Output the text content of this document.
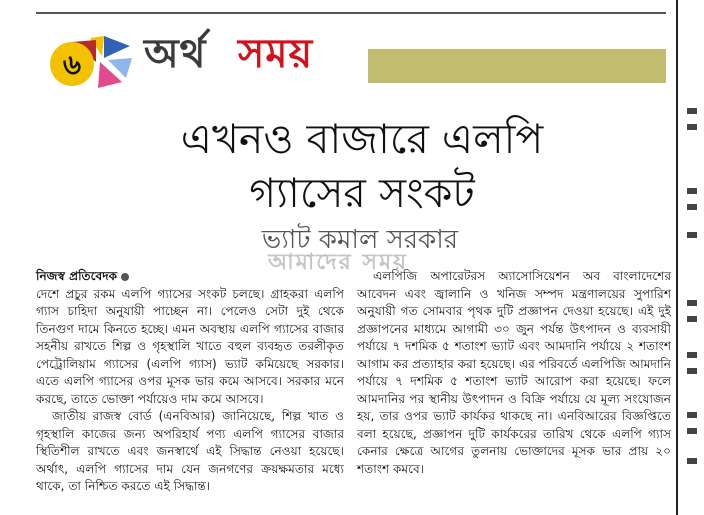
৬ অর্থ সময়
এখনও বাজারে এলপি
গ্যাসের সংকট
ভ্যাট কমাল সরকার
আমাদের সময়

নিজস্ব প্রতিবেদক

দেশে প্রচুর রকম এলপি গ্যাসের সংকট চলছে। গ্রাহকরা এলপি গ্যাস চাহিদা অনুযায়ী পাচ্ছেন না। পেলেও সেটা দুই থেকে তিনগুণ দামে কিনতে হচ্ছে। এমন অবস্থায় এলপি গ্যাসের বাজার সহনীয় রাখতে শিল্প ও গৃহস্থালি খাতে বহুল ব্যবহৃত তরলীকৃত পেট্রোলিয়াম গ্যাসের (এলপি গ্যাস) ভ্যাট কমিয়েছে সরকার। এতে এলপি গ্যাসের ওপর মূসক ভার কমে আসবে। সরকার মনে করছে, তাতে ভোক্তা পর্যায়েও দাম কমে আসবে।

জাতীয় রাজস্ব বোর্ড (এনবিআর) জানিয়েছে, শিল্প খাত ও গৃহস্থালি কাজের জন্য অপরিহার্য পণ্য এলপি গ্যাসের বাজার স্থিতিশীল রাখতে এবং জনস্বার্থে এই সিদ্ধান্ত নেওয়া হয়েছে। অর্থাৎ, এলপি গ্যাসের দাম যেন জনগণের ক্রয়ক্ষমতার মধ্যে থাকে, তা নিশ্চিত করতে এই সিদ্ধান্ত।

এলপিজি অপারেটরস অ্যাসোসিয়েশন অব বাংলাদেশের আবেদন এবং জ্বালানি ও খনিজ সম্পদ মন্ত্রণালয়ের সুপারিশ অনুযায়ী গত সোমবার পৃথক দুটি প্রজ্ঞাপন দেওয়া হয়েছে। এই দুই প্রজ্ঞাপনের মাধ্যমে আগামী ৩০ জুন পর্যন্ত উৎপাদন ও ব্যবসায়ী পর্যায়ে ৭ দশমিক ৫ শতাংশ ভ্যাট এবং আমদানি পর্যায়ে ২ শতাংশ আগাম কর প্রত্যাহার করা হয়েছে। এর পরিবর্তে এলপিজি আমদানি পর্যায়ে ৭ দশমিক ৫ শতাংশ ভ্যাট আরোপ করা হয়েছে। ফলে আমদানির পর স্থানীয় উৎপাদন ও বিক্রি পর্যায়ে যে মূল্য সংযোজন হয়, তার ওপর ভ্যাট কার্যকর থাকছে না। এনবিআরের বিজ্ঞপ্তিতে বলা হয়েছে, প্রজ্ঞাপন দুটি কার্যকরের তারিখ থেকে এলপি গ্যাস কেনার ক্ষেত্রে আগের তুলনায় ভোক্তাদের মূসক ভার প্রায় ২০ শতাংশ কমবে।
